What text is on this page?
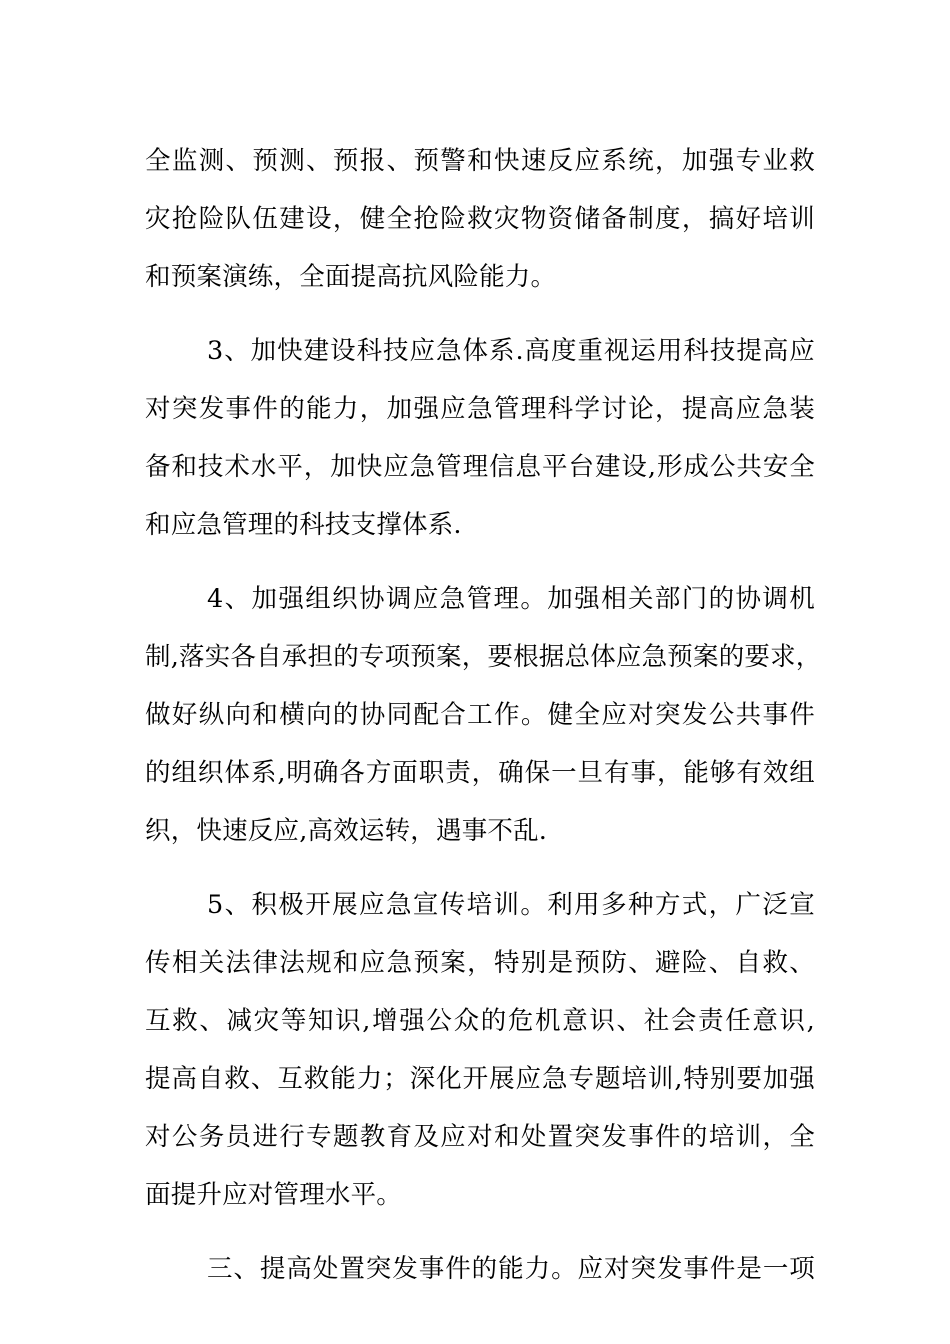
全监测、预测、预报、预警和快速反应系统，加强专业救
灾抢险队伍建设，健全抢险救灾物资储备制度，搞好培训
和预案演练，全面提高抗风险能力。
3、加快建设科技应急体系.高度重视运用科技提高应
对突发事件的能力，加强应急管理科学讨论，提高应急装
备和技术水平，加快应急管理信息平台建设,形成公共安全
和应急管理的科技支撑体系.
4、加强组织协调应急管理。加强相关部门的协调机
制,落实各自承担的专项预案，要根据总体应急预案的要求，
做好纵向和横向的协同配合工作。健全应对突发公共事件
的组织体系,明确各方面职责，确保一旦有事，能够有效组
织，快速反应,高效运转，遇事不乱.
5、积极开展应急宣传培训。利用多种方式，广泛宣
传相关法律法规和应急预案，特别是预防、避险、自救、
互救、减灾等知识,增强公众的危机意识、社会责任意识,
提高自救、互救能力；深化开展应急专题培训,特别要加强
对公务员进行专题教育及应对和处置突发事件的培训，全
面提升应对管理水平。
三、提高处置突发事件的能力。应对突发事件是一项
